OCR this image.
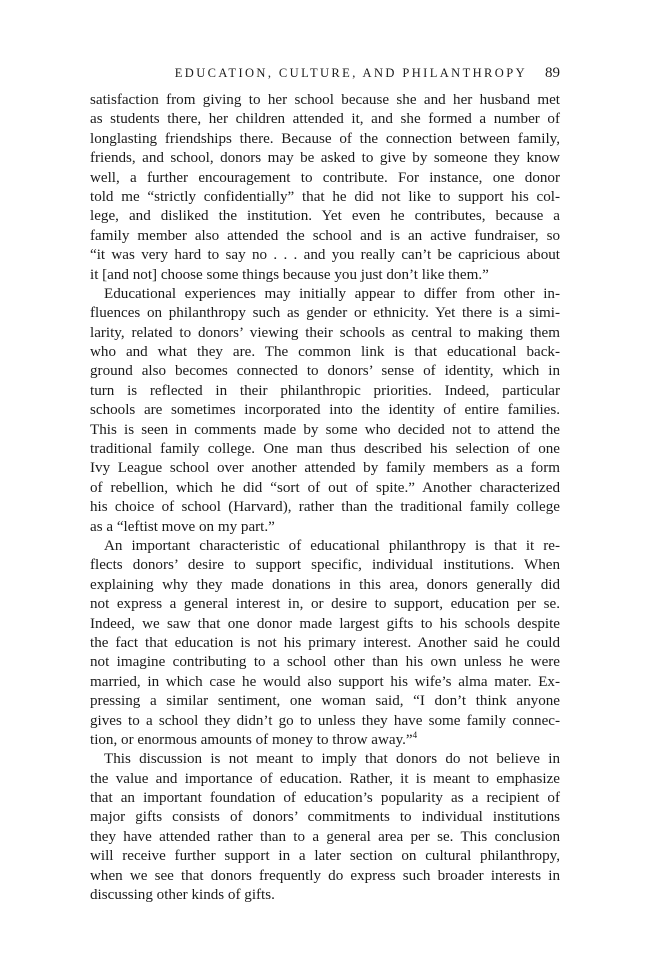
EDUCATION, CULTURE, AND PHILANTHROPY 89
satisfaction from giving to her school because she and her husband met
as students there, her children attended it, and she formed a number of
longlasting friendships there. Because of the connection between family,
friends, and school, donors may be asked to give by someone they know
well, a further encouragement to contribute. For instance, one donor
told me “strictly confidentially” that he did not like to support his col-
lege, and disliked the institution. Yet even he contributes, because a
family member also attended the school and is an active fundraiser, so
“it was very hard to say no . . . and you really can’t be capricious about
it [and not] choose some things because you just don’t like them.”
Educational experiences may initially appear to differ from other in-
fluences on philanthropy such as gender or ethnicity. Yet there is a simi-
larity, related to donors’ viewing their schools as central to making them
who and what they are. The common link is that educational back-
ground also becomes connected to donors’ sense of identity, which in
turn is reflected in their philanthropic priorities. Indeed, particular
schools are sometimes incorporated into the identity of entire families.
This is seen in comments made by some who decided not to attend the
traditional family college. One man thus described his selection of one
Ivy League school over another attended by family members as a form
of rebellion, which he did “sort of out of spite.” Another characterized
his choice of school (Harvard), rather than the traditional family college
as a “leftist move on my part.”
An important characteristic of educational philanthropy is that it re-
flects donors’ desire to support specific, individual institutions. When
explaining why they made donations in this area, donors generally did
not express a general interest in, or desire to support, education per se.
Indeed, we saw that one donor made largest gifts to his schools despite
the fact that education is not his primary interest. Another said he could
not imagine contributing to a school other than his own unless he were
married, in which case he would also support his wife’s alma mater. Ex-
pressing a similar sentiment, one woman said, “I don’t think anyone
gives to a school they didn’t go to unless they have some family connec-
tion, or enormous amounts of money to throw away.”$^4$
This discussion is not meant to imply that donors do not believe in
the value and importance of education. Rather, it is meant to emphasize
that an important foundation of education’s popularity as a recipient of
major gifts consists of donors’ commitments to individual institutions
they have attended rather than to a general area per se. This conclusion
will receive further support in a later section on cultural philanthropy,
when we see that donors frequently do express such broader interests in
discussing other kinds of gifts.
